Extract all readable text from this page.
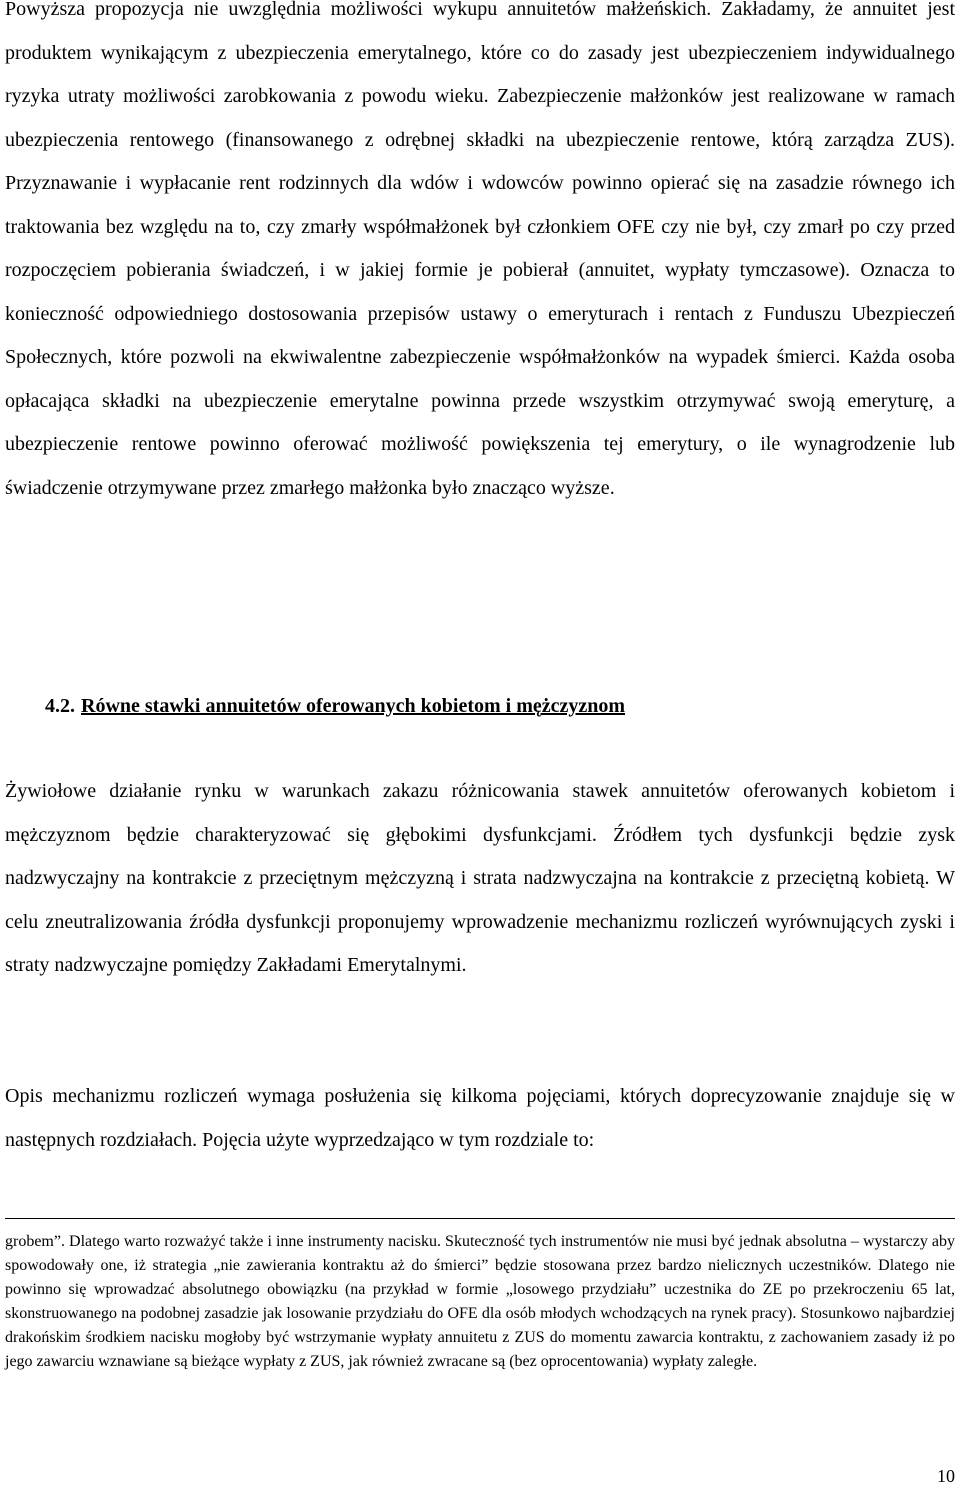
Powyższa propozycja nie uwzględnia możliwości wykupu annuitetów małżeńskich. Zakładamy, że annuitet jest produktem wynikającym z ubezpieczenia emerytalnego, które co do zasady jest ubezpieczeniem indywidualnego ryzyka utraty możliwości zarobkowania z powodu wieku. Zabezpieczenie małżonków jest realizowane w ramach ubezpieczenia rentowego (finansowanego z odrębnej składki na ubezpieczenie rentowe, którą zarządza ZUS). Przyznawanie i wypłacanie rent rodzinnych dla wdów i wdowców powinno opierać się na zasadzie równego ich traktowania bez względu na to, czy zmarły współmałżonek był członkiem OFE czy nie był, czy zmarł po czy przed rozpoczęciem pobierania świadczeń, i w jakiej formie je pobierał (annuitet, wypłaty tymczasowe). Oznacza to konieczność odpowiedniego dostosowania przepisów ustawy o emeryturach i rentach z Funduszu Ubezpieczeń Społecznych, które pozwoli na ekwiwalentne zabezpieczenie współmałżonków na wypadek śmierci. Każda osoba opłacająca składki na ubezpieczenie emerytalne powinna przede wszystkim otrzymywać swoją emeryturę, a ubezpieczenie rentowe powinno oferować możliwość powiększenia tej emerytury, o ile wynagrodzenie lub świadczenie otrzymywane przez zmarłego małżonka było znacząco wyższe.

4.2. Równe stawki annuitetów oferowanych kobietom i mężczyznom

Żywiołowe działanie rynku w warunkach zakazu różnicowania stawek annuitetów oferowanych kobietom i mężczyznom będzie charakteryzować się głębokimi dysfunkcjami. Źródłem tych dysfunkcji będzie zysk nadzwyczajny na kontrakcie z przeciętnym mężczyzną i strata nadzwyczajna na kontrakcie z przeciętną kobietą. W celu zneutralizowania źródła dysfunkcji proponujemy wprowadzenie mechanizmu rozliczeń wyrównujących zyski i straty nadzwyczajne pomiędzy Zakładami Emerytalnymi.

Opis mechanizmu rozliczeń wymaga posłużenia się kilkoma pojęciami, których doprecyzowanie znajduje się w następnych rozdziałach. Pojęcia użyte wyprzedzająco w tym rozdziale to:

grobem”. Dlatego warto rozważyć także i inne instrumenty nacisku. Skuteczność tych instrumentów nie musi być jednak absolutna – wystarczy aby spowodowały one, iż strategia „nie zawierania kontraktu aż do śmierci” będzie stosowana przez bardzo nielicznych uczestników. Dlatego nie powinno się wprowadzać absolutnego obowiązku (na przykład w formie „losowego przydziału” uczestnika do ZE po przekroczeniu 65 lat, skonstruowanego na podobnej zasadzie jak losowanie przydziału do OFE dla osób młodych wchodzących na rynek pracy). Stosunkowo najbardziej drakońskim środkiem nacisku mogłoby być wstrzymanie wypłaty annuitetu z ZUS do momentu zawarcia kontraktu, z zachowaniem zasady iż po jego zawarciu wznawiane są bieżące wypłaty z ZUS, jak również zwracane są (bez oprocentowania) wypłaty zaległe.

10
